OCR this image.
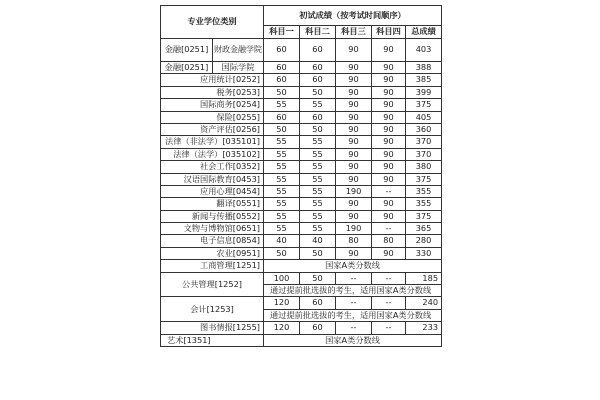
专业学位类别		初试成绩（按考试时间顺序）				
		科目一	科目二	科目三	科目四	总成绩
金融[0251]	财政金融学院	60	60	90	90	403
金融[0251]	国际学院	60	60	90	90	388
应用统计[0252]		60	60	90	90	385
税务[0253]		50	50	90	90	399
国际商务[0254]		55	55	90	90	375
保险[0255]		60	60	90	90	405
资产评估[0256]		50	50	90	90	360
法律（非法学）[035101]		55	55	90	90	370
法律（法学）[035102]		55	55	90	90	370
社会工作[0352]		55	55	90	90	380
汉语国际教育[0453]		55	55	90	90	375
应用心理[0454]		55	55	190	--	355
翻译[0551]		55	55	90	90	355
新闻与传播[0552]		55	55	90	90	375
文物与博物馆[0651]		55	55	190	--	365
电子信息[0854]		40	40	80	80	280
农业[0951]		50	50	90	90	330
工商管理[1251]		国家A类分数线				
公共管理[1252]		100	50	--	--	185
		通过提前批选拔的考生，适用国家A类分数线				
会计[1253]		120	60	--	--	240
		通过提前批选拔的考生，适用国家A类分数线				
图书情报[1255]		120	60	--	--	233
艺术[1351]		国家A类分数线				
